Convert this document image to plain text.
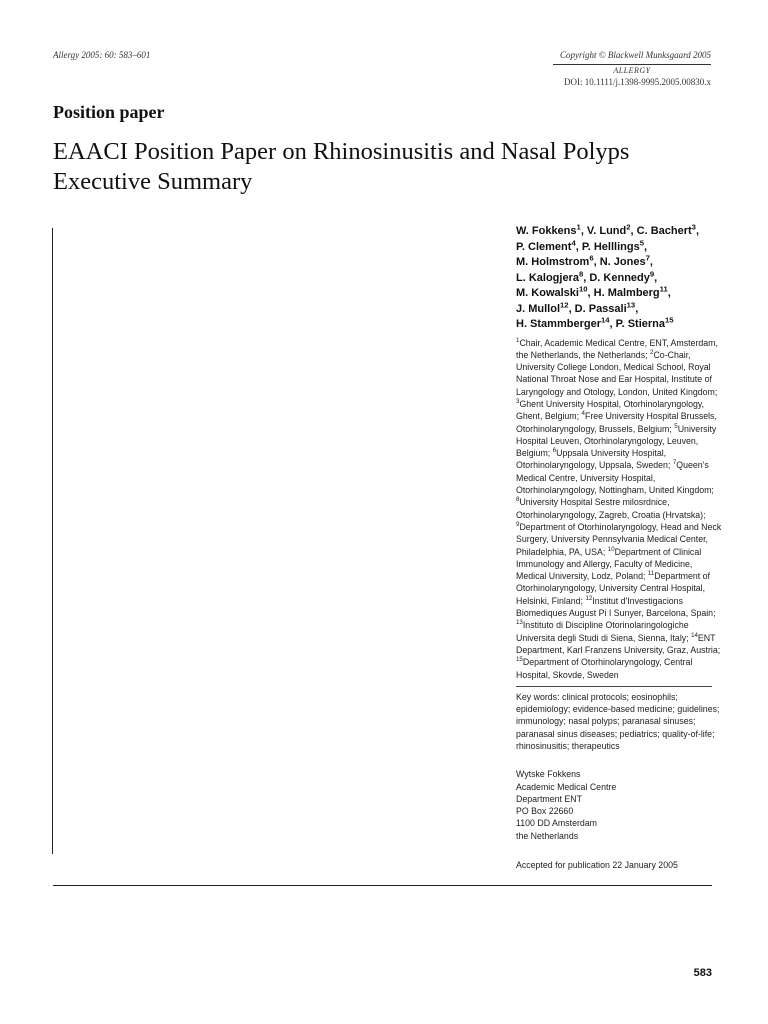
Allergy 2005: 60: 583–601	Copyright © Blackwell Munksgaard 2005
ALLERGY
DOI: 10.1111/j.1398-9995.2005.00830.x
Position paper
EAACI Position Paper on Rhinosinusitis and Nasal Polyps
Executive Summary
W. Fokkens$^1$, V. Lund$^2$, C. Bachert$^3$,
P. Clement$^4$, P. Helllings$^5$,
M. Holmstrom$^6$, N. Jones$^7$,
L. Kalogjera$^8$, D. Kennedy$^9$,
M. Kowalski$^{10}$, H. Malmberg$^{11}$,
J. Mullol$^{12}$, D. Passali$^{13}$,
H. Stammberger$^{14}$, P. Stierna$^{15}$
$^1$Chair, Academic Medical Centre, ENT, Amsterdam, the Netherlands, the Netherlands; $^2$Co-Chair, University College London, Medical School, Royal National Throat Nose and Ear Hospital, Institute of Laryngology and Otology, London, United Kingdom; $^3$Ghent University Hospital, Otorhinolaryngology, Ghent, Belgium; $^4$Free University Hospital Brussels, Otorhinolaryngology, Brussels, Belgium; $^5$University Hospital Leuven, Otorhinolaryngology, Leuven, Belgium; $^6$Uppsala University Hospital, Otorhinolaryngology, Uppsala, Sweden; $^7$Queen's Medical Centre, University Hospital, Otorhinolaryngology, Nottingham, United Kingdom; $^8$University Hospital Sestre milosrdnice, Otorhinolaryngology, Zagreb, Croatia (Hrvatska); $^9$Department of Otorhinolaryngology, Head and Neck Surgery, University Pennsylvania Medical Center, Philadelphia, PA, USA; $^{10}$Department of Clinical Immunology and Allergy, Faculty of Medicine, Medical University, Lodz, Poland; $^{11}$Department of Otorhinolaryngology, University Central Hospital, Helsinki, Finland; $^{12}$Institut d'Investigacions Biomediques August Pi I Sunyer, Barcelona, Spain; $^{13}$Instituto di Discipline Otorinolaringologiche Universita degli Studi di Siena, Sienna, Italy; $^{14}$ENT Department, Karl Franzens University, Graz, Austria; $^{15}$Department of Otorhinolaryngology, Central Hospital, Skovde, Sweden
Key words: clinical protocols; eosinophils; epidemiology; evidence-based medicine; guidelines; immunology; nasal polyps; paranasal sinuses; paranasal sinus diseases; pediatrics; quality-of-life; rhinosinusitis; therapeutics
Wytske Fokkens
Academic Medical Centre
Department ENT
PO Box 22660
1100 DD Amsterdam
the Netherlands
Accepted for publication 22 January 2005
583
